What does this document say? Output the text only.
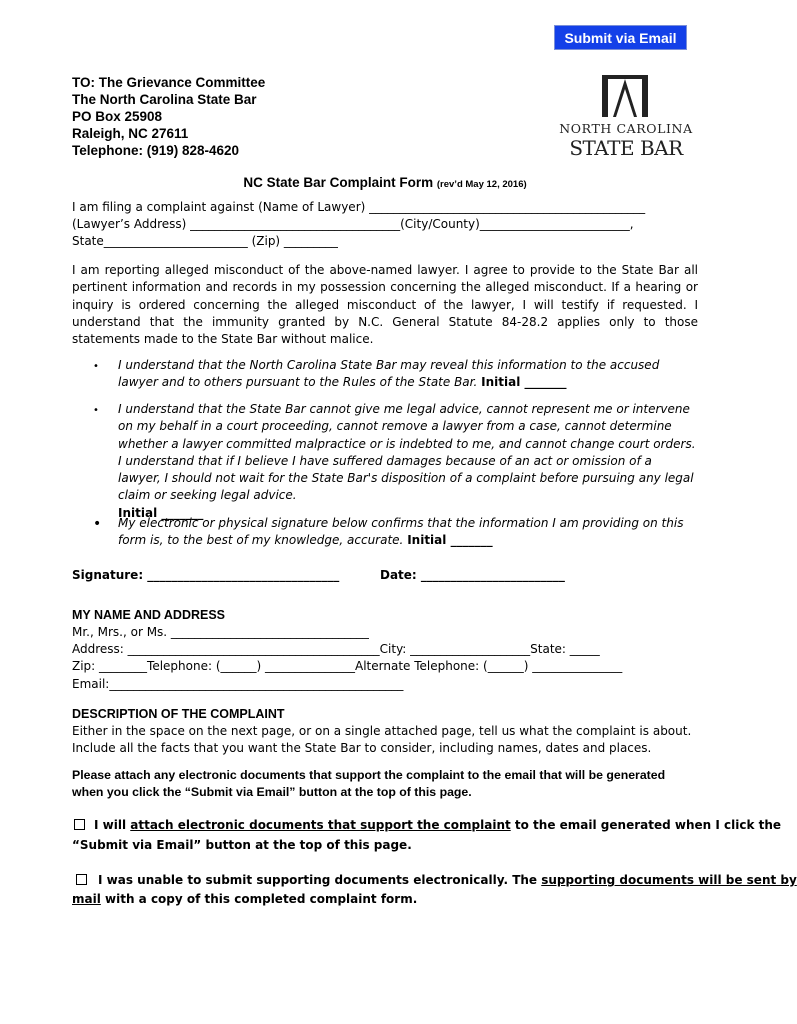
Submit via Email
TO: The Grievance Committee
The North Carolina State Bar
PO Box 25908
Raleigh, NC 27611
Telephone: (919) 828-4620
NORTH CAROLINA
STATE BAR
NC State Bar Complaint Form (rev’d May 12, 2016)
I am filing a complaint against (Name of Lawyer) ______________________________________________
(Lawyer’s Address) ___________________________________(City/County)_________________________,
State________________________ (Zip) _________
I am reporting alleged misconduct of the above-named lawyer. I agree to provide to the State Bar all pertinent information and records in my possession concerning the alleged misconduct. If a hearing or inquiry is ordered concerning the alleged misconduct of the lawyer, I will testify if requested. I understand that the immunity granted by N.C. General Statute 84-28.2 applies only to those statements made to the State Bar without malice.
• I understand that the North Carolina State Bar may reveal this information to the accused lawyer and to others pursuant to the Rules of the State Bar. Initial _______
• I understand that the State Bar cannot give me legal advice, cannot represent me or intervene on my behalf in a court proceeding, cannot remove a lawyer from a case, cannot determine whether a lawyer committed malpractice or is indebted to me, and cannot change court orders. I understand that if I believe I have suffered damages because of an act or omission of a lawyer, I should not wait for the State Bar's disposition of a complaint before pursuing any legal claim or seeking legal advice.
Initial _______
• My electronic or physical signature below confirms that the information I am providing on this form is, to the best of my knowledge, accurate. Initial _______
Signature: ________________________________	Date: ________________________
MY NAME AND ADDRESS
Mr., Mrs., or Ms. _________________________________
Address: __________________________________________City: ____________________State: _____
Zip: ________Telephone: (______) _______________Alternate Telephone: (______) _______________
Email:_________________________________________________
DESCRIPTION OF THE COMPLAINT
Either in the space on the next page, or on a single attached page, tell us what the complaint is about. Include all the facts that you want the State Bar to consider, including names, dates and places.
Please attach any electronic documents that support the complaint to the email that will be generated
when you click the “Submit via Email” button at the top of this page.
I will attach electronic documents that support the complaint to the email generated when I click the
“Submit via Email” button at the top of this page.
I was unable to submit supporting documents electronically. The supporting documents will be sent by
mail with a copy of this completed complaint form.
